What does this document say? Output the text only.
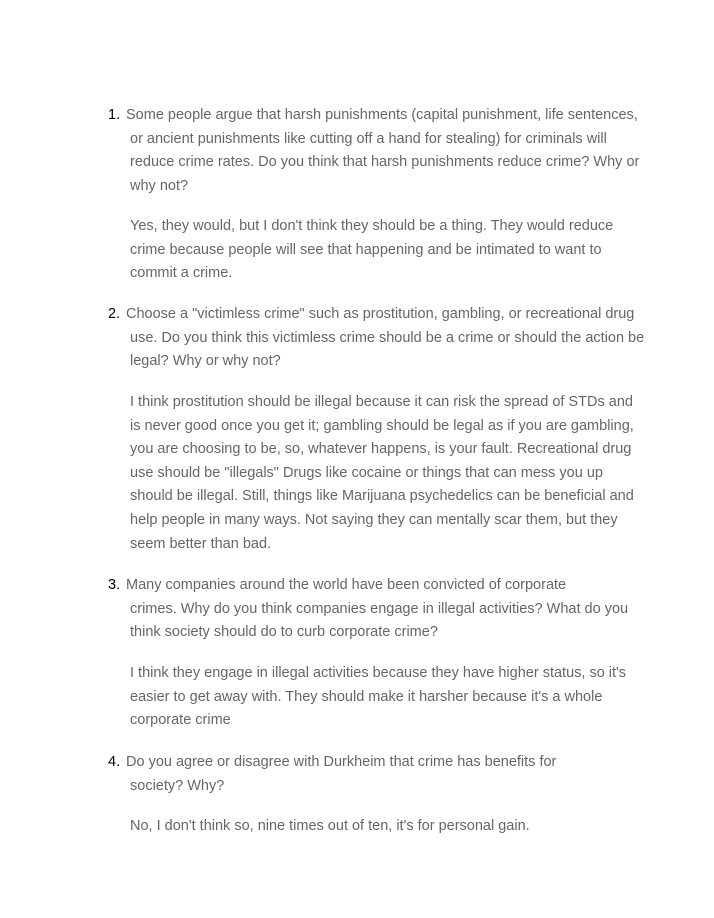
1. Some people argue that harsh punishments (capital punishment, life sentences,
or ancient punishments like cutting off a hand for stealing) for criminals will
reduce crime rates. Do you think that harsh punishments reduce crime? Why or
why not?
Yes, they would, but I don't think they should be a thing. They would reduce
crime because people will see that happening and be intimated to want to
commit a crime.
2. Choose a "victimless crime" such as prostitution, gambling, or recreational drug
use. Do you think this victimless crime should be a crime or should the action be
legal? Why or why not?
I think prostitution should be illegal because it can risk the spread of STDs and
is never good once you get it; gambling should be legal as if you are gambling,
you are choosing to be, so, whatever happens, is your fault. Recreational drug
use should be "illegals" Drugs like cocaine or things that can mess you up
should be illegal. Still, things like Marijuana psychedelics can be beneficial and
help people in many ways. Not saying they can mentally scar them, but they
seem better than bad.
3. Many companies around the world have been convicted of corporate
crimes. Why do you think companies engage in illegal activities? What do you
think society should do to curb corporate crime?
I think they engage in illegal activities because they have higher status, so it's
easier to get away with. They should make it harsher because it's a whole
corporate crime
4. Do you agree or disagree with Durkheim that crime has benefits for
society? Why?
No, I don't think so, nine times out of ten, it's for personal gain.
